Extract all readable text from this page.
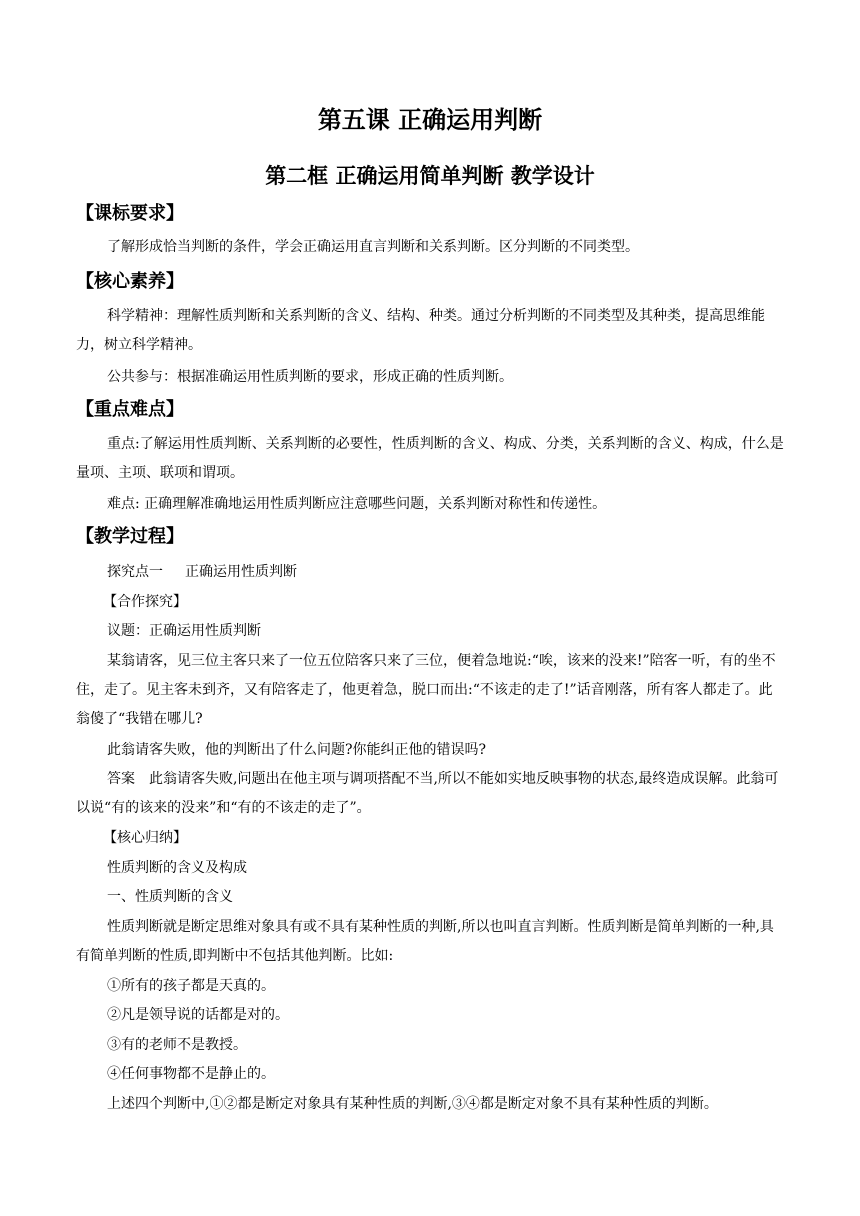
第五课 正确运用判断
第二框 正确运用简单判断 教学设计
【课标要求】

了解形成恰当判断的条件，学会正确运用直言判断和关系判断。区分判断的不同类型。

【核心素养】

科学精神：理解性质判断和关系判断的含义、结构、种类。通过分析判断的不同类型及其种类，提高思维能力，树立科学精神。

公共参与：根据准确运用性质判断的要求，形成正确的性质判断。

【重点难点】

重点:了解运用性质判断、关系判断的必要性，性质判断的含义、构成、分类，关系判断的含义、构成，什么是量项、主项、联项和谓项。

难点: 正确理解准确地运用性质判断应注意哪些问题，关系判断对称性和传递性。

【教学过程】
探究点一 正确运用性质判断
【合作探究】
议题：正确运用性质判断

某翁请客，见三位主客只来了一位五位陪客只来了三位，便着急地说:“唉，该来的没来!”陪客一听，有的坐不住，走了。见主客未到齐，又有陪客走了，他更着急，脱口而出:“不该走的走了!”话音刚落，所有客人都走了。此翁傻了“我错在哪儿?

此翁请客失败，他的判断出了什么问题?你能纠正他的错误吗?

答案 此翁请客失败,问题出在他主项与调项搭配不当,所以不能如实地反映事物的状态,最终造成误解。此翁可以说“有的该来的没来”和“有的不该走的走了”。

【核心归纳】
性质判断的含义及构成
一、性质判断的含义

性质判断就是断定思维对象具有或不具有某种性质的判断,所以也叫直言判断。性质判断是简单判断的一种,具有简单判断的性质,即判断中不包括其他判断。比如:

①所有的孩子都是天真的。
②凡是领导说的话都是对的。
③有的老师不是教授。
④任何事物都不是静止的。
上述四个判断中,①②都是断定对象具有某种性质的判断,③④都是断定对象不具有某种性质的判断。
